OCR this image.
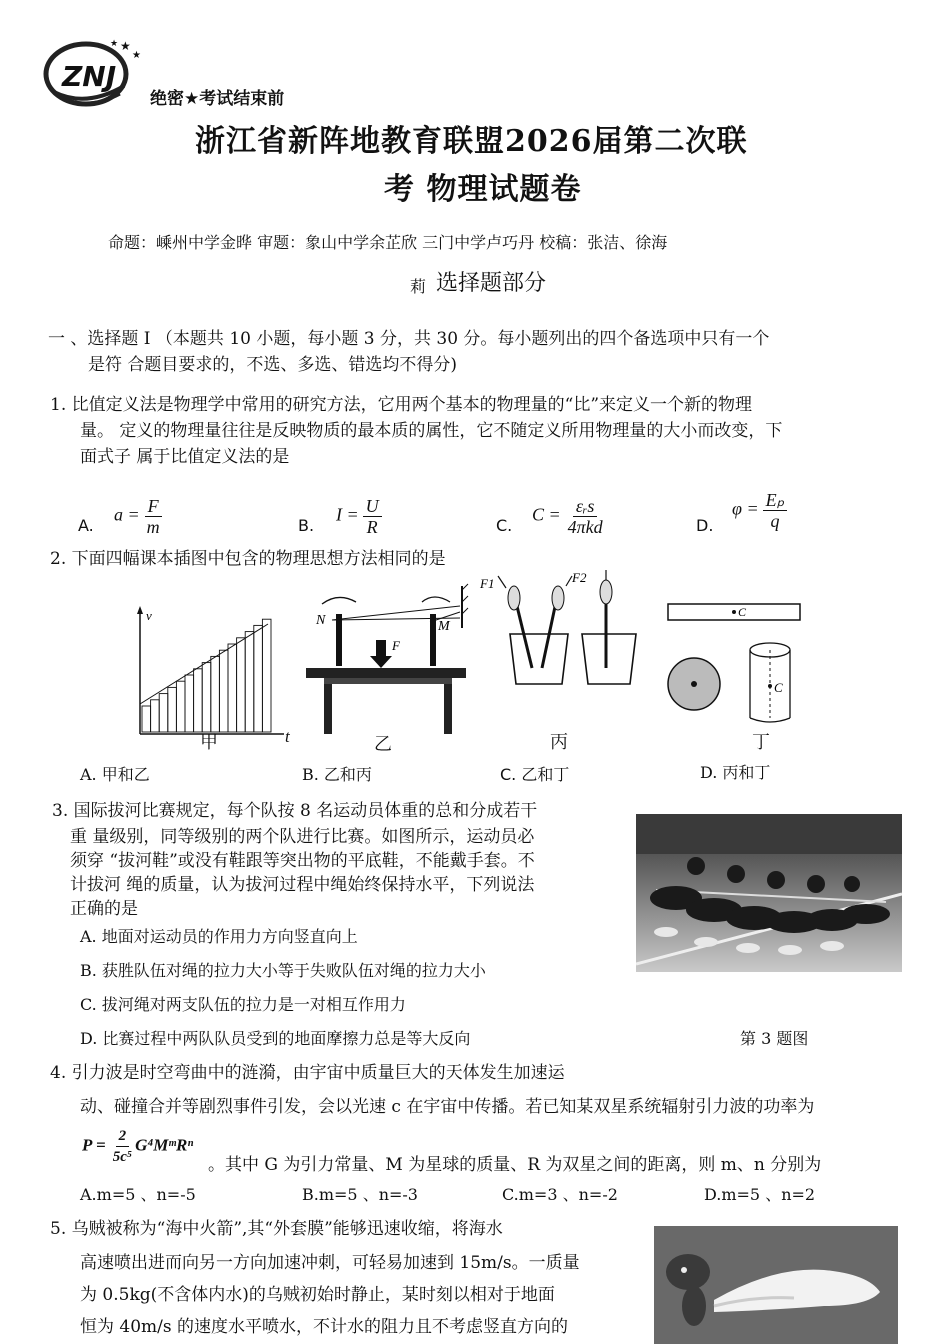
ZNJ
★
★
★
绝密★考试结束前
浙江省新阵地教育联盟2026届第二次联
考 物理试题卷
命题：嵊州中学金晔 审题：象山中学余芷欣 三门中学卢巧丹 校稿：张洁、徐海
莉 选择题部分
一 、选择题 I （本题共 10 小题，每小题 3 分，共 30 分。每小题列出的四个备选项中只有一个
是符 合题目要求的，不选、多选、错选均不得分)
1. 比值定义法是物理学中常用的研究方法，它用两个基本的物理量的“比”来定义一个新的物理
量。 定义的物理量往往是反映物质的最本质的属性，它不随定义所用物理量的大小而改变，下
面式子 属于比值定义法的是
A.
$a = \frac{F}{m}$	B.
$I = \frac{U}{R}$	C.
$C = \frac{\text{εᵣs}}{\text{4πkd}}$	D.
$\varphi = \frac{\text{Eₚ}}{q}$
2. 下面四幅课本插图中包含的物理思想方法相同的是
v
t
甲
N	M
F
乙
F1	F2
丙
C
C
丁
A. 甲和乙	B. 乙和丙	C. 乙和丁	D. 丙和丁
3. 国际拔河比赛规定，每个队按 8 名运动员体重的总和分成若干
重 量级别，同等级别的两个队进行比赛。如图所示，运动员必
须穿 “拔河鞋”或没有鞋跟等突出物的平底鞋，不能戴手套。不
计拔河 绳的质量，认为拔河过程中绳始终保持水平，下列说法
正确的是
A. 地面对运动员的作用力方向竖直向上
B. 获胜队伍对绳的拉力大小等于失败队伍对绳的拉力大小
C. 拔河绳对两支队伍的拉力是一对相互作用力
D. 比赛过程中两队队员受到的地面摩擦力总是等大反向	第 3 题图
4. 引力波是时空弯曲中的涟漪，由宇宙中质量巨大的天体发生加速运
动、碰撞合并等剧烈事件引发，会以光速 c 在宇宙中传播。若已知某双星系统辐射引力波的功率为
$P = \frac{2}{\text{5c⁵}}$ G⁴MᵐRⁿ
。其中 G 为引力常量、M 为星球的质量、R 为双星之间的距离，则 m、n 分别为
A.m=5 、n=-5	B.m=5 、n=-3	C.m=3 、n=-2	D.m=5 、n=2
5. 乌贼被称为“海中火箭”,其“外套膜”能够迅速收缩，将海水
高速喷出进而向另一方向加速冲刺，可轻易加速到 15m/s。一质量
为 0.5kg(不含体内水)的乌贼初始时静止，某时刻以相对于地面
恒为 40m/s 的速度水平喷水，不计水的阻力且不考虑竖直方向的
